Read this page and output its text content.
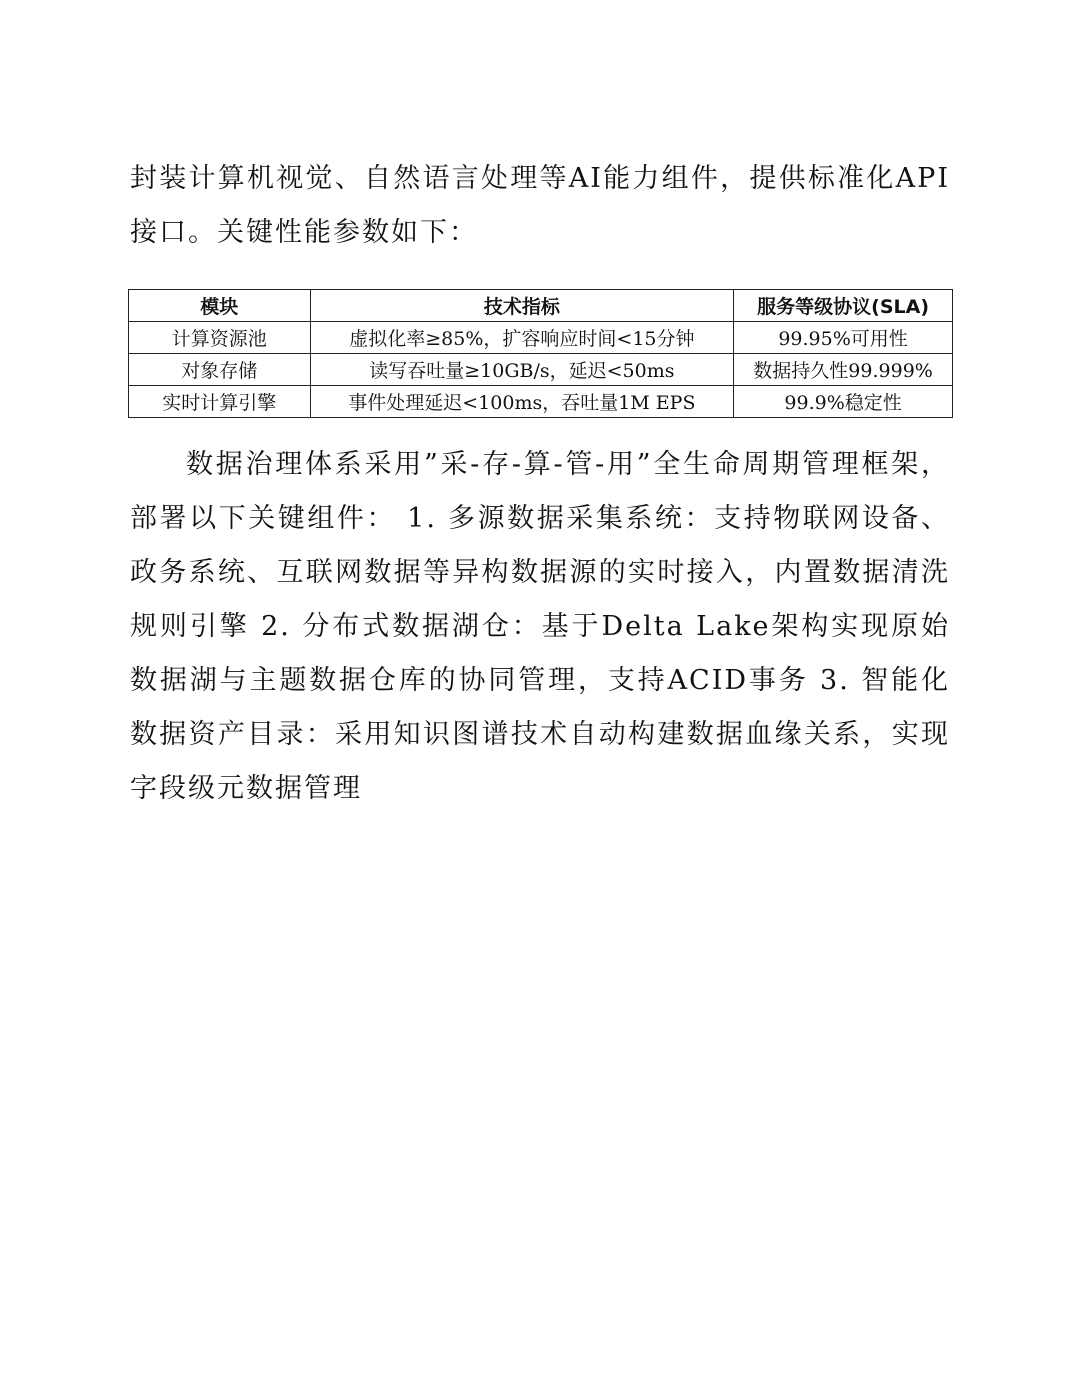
封装计算机视觉、自然语言处理等AI能力组件，提供标准化API接口。关键性能参数如下：

模块	技术指标	服务等级协议(SLA)
计算资源池	虚拟化率≥85%，扩容响应时间<15分钟	99.95%可用性
对象存储	读写吞吐量≥10GB/s，延迟<50ms	数据持久性99.999%
实时计算引擎	事件处理延迟<100ms，吞吐量1M EPS	99.9%稳定性

数据治理体系采用”采-存-算-管-用”全生命周期管理框架，部署以下关键组件： 1. 多源数据采集系统：支持物联网设备、政务系统、互联网数据等异构数据源的实时接入，内置数据清洗规则引擎 2. 分布式数据湖仓：基于Delta Lake架构实现原始数据湖与主题数据仓库的协同管理，支持ACID事务 3. 智能化数据资产目录：采用知识图谱技术自动构建数据血缘关系，实现字段级元数据管理
